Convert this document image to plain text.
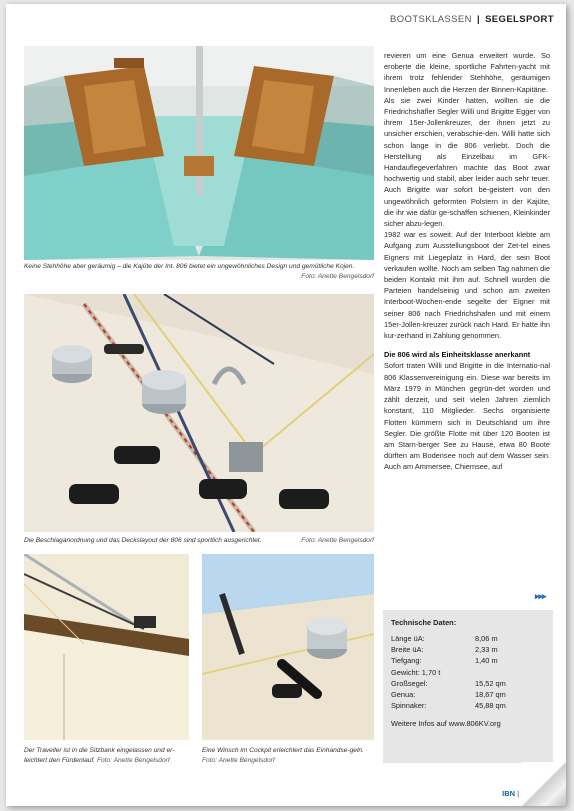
BOOTSKLASSEN | SEGELSPORT
Keine Stehhöhe aber geräumig – die Kajüte der Int. 806 bietet ein ungewöhnliches Design und gemütliche Kojen.
Foto: Anette Bengelsdorf
Die Beschlaganordnung und das Deckslayout der 806 sind sportlich ausgerichtet.	Foto: Anette Bengelsdorf
Der Traveller ist in die Sitzbank eingelassen und er-leichtert den Fürdenlauf. Foto: Anette Bengelsdorf
Eine Winsch im Cockpit erleichtert das Einhandse-geln. Foto: Anette Bengelsdorf

revieren um eine Genua erweitert wurde. So eroberte die kleine, sportliche Fahrten-yacht mit ihrem trotz fehlender Stehhöhe, geräumigen Innenleben auch die Herzen der Binnen-Kapitäne.

Als sie zwei Kinder hatten, wollten sie die Friedrichshäfler Segler Willi und Brigitte Egger von ihrem 15er-Jollenkreuzer, der ihnen jetzt zu unsicher erschien, verabschie-den. Willi hatte sich schon lange in die 806 verliebt. Doch die Herstellung als Einzelbau im GFK-Handauflegeverfahren machte das Boot zwar hochwertig und stabil, aber leider auch sehr teuer. Auch Brigitte war sofort be-geistert von den ungewöhnlich geformten Polstern in der Kajüte, die ihr wie dafür ge-schaffen schienen, Kleinkinder sicher abzu-legen.

1982 war es soweit. Auf der Interboot klebte am Aufgang zum Ausstellungsboot der Zet-tel eines Eigners mit Liegeplatz in Hard, der sein Boot verkaufen wollte. Noch am selben Tag nahmen die beiden Kontakt mit ihm auf. Schnell wurden die Parteien handelseinig und schon am zweiten Interboot-Wochen-ende segelte der Eigner mit seiner 806 nach Friedrichshafen und mit einem 15er-Jollen-kreuzer zurück nach Hard. Er hatte ihn kur-zerhand in Zahlung genommen.

Die 806 wird als Einheitsklasse anerkannt

Sofort traten Willi und Brigitte in die Internatio-nal 806 Klassenvereinigung ein. Diese war bereits im März 1979 in München gegrün-det worden und zählt derzeit, und seit vielen Jahren ziemlich konstant, 110 Mitglieder. Sechs organisierte Flotten kümmern sich in Deutschland um ihre Segler. Die größte Flotte mit über 120 Booten ist am Starn-berger See zu Hause, etwa 80 Boote dürften am Bodensee noch auf dem Wasser sein. Auch am Ammersee, Chiemsee, auf

▸▸▸
Technische Daten:
Länge üA:	8,06 m
Breite üA:	2,33 m
Tiefgang:	1,40 m
Gewicht: 1,70 t
Großsegel:	15,52 qm
Genua:	18,67 qm
Spinnaker:	45,88 qm
Weitere Infos auf www.806KV.org
IBN |
